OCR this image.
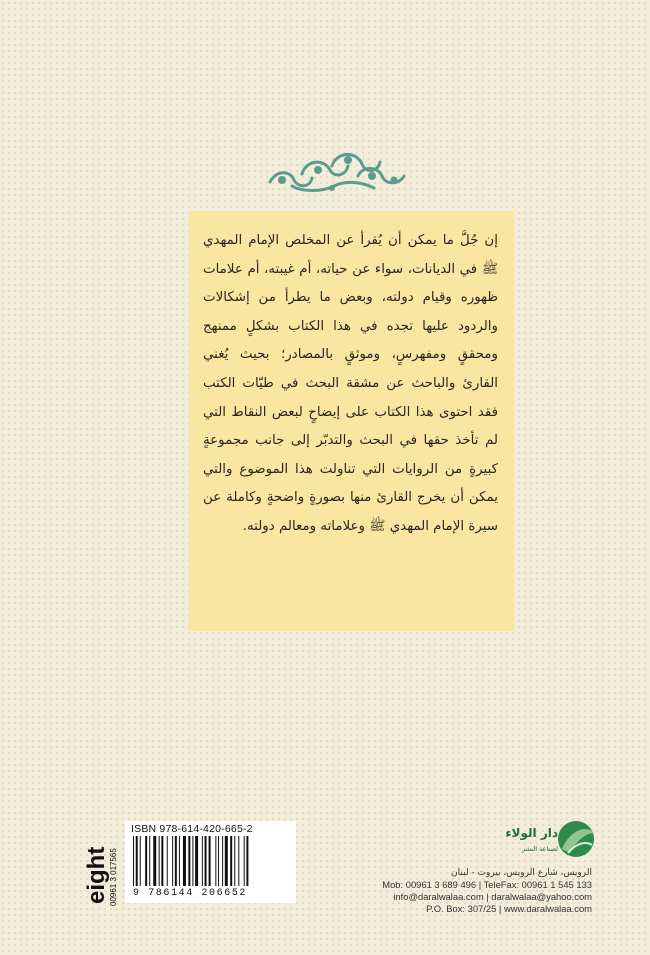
إن جُلَّ ما يمكن أن يُقرأ عن المخلص الإمام المهدي ﷺ في الديانات، سواء عن حياته، أم غيبته، أم علامات ظهوره وقيام دولته، وبعض ما يطرأ من إشكالات والردود عليها تجده في هذا الكتاب بشكلٍ ممنهج ومحققٍ ومفهرسٍ، وموثقٍ بالمصادر؛ بحيث يُغني القارئ والباحث عن مشقة البحث في طيّات الكتب فقد احتوى هذا الكتاب على إيضاحٍ لبعض النقاط التي لم تأخذ حقها في البحث والتدبّر إلى جانب مجموعةٍ كبيرةٍ من الروايات التي تناولت هذا الموضوع والتي يمكن أن يخرج القارئ منها بصورةٍ واضحةٍ وكاملة عن سيرة الإمام المهدي ﷺ وعلاماته ومعالم دولته.

eight 00961 3 017565
ISBN 978-614-420-665-2
9 786144 206652
دار الولاء
لصناعة النشر
الرويس، شارع الرويس، بيروت - لبنان
Mob: 00961 3 689 496 | TeleFax: 00961 1 545 133
info@daralwalaa.com | daralwalaa@yahoo.com
P.O. Box: 307/25 | www.daralwalaa.com
